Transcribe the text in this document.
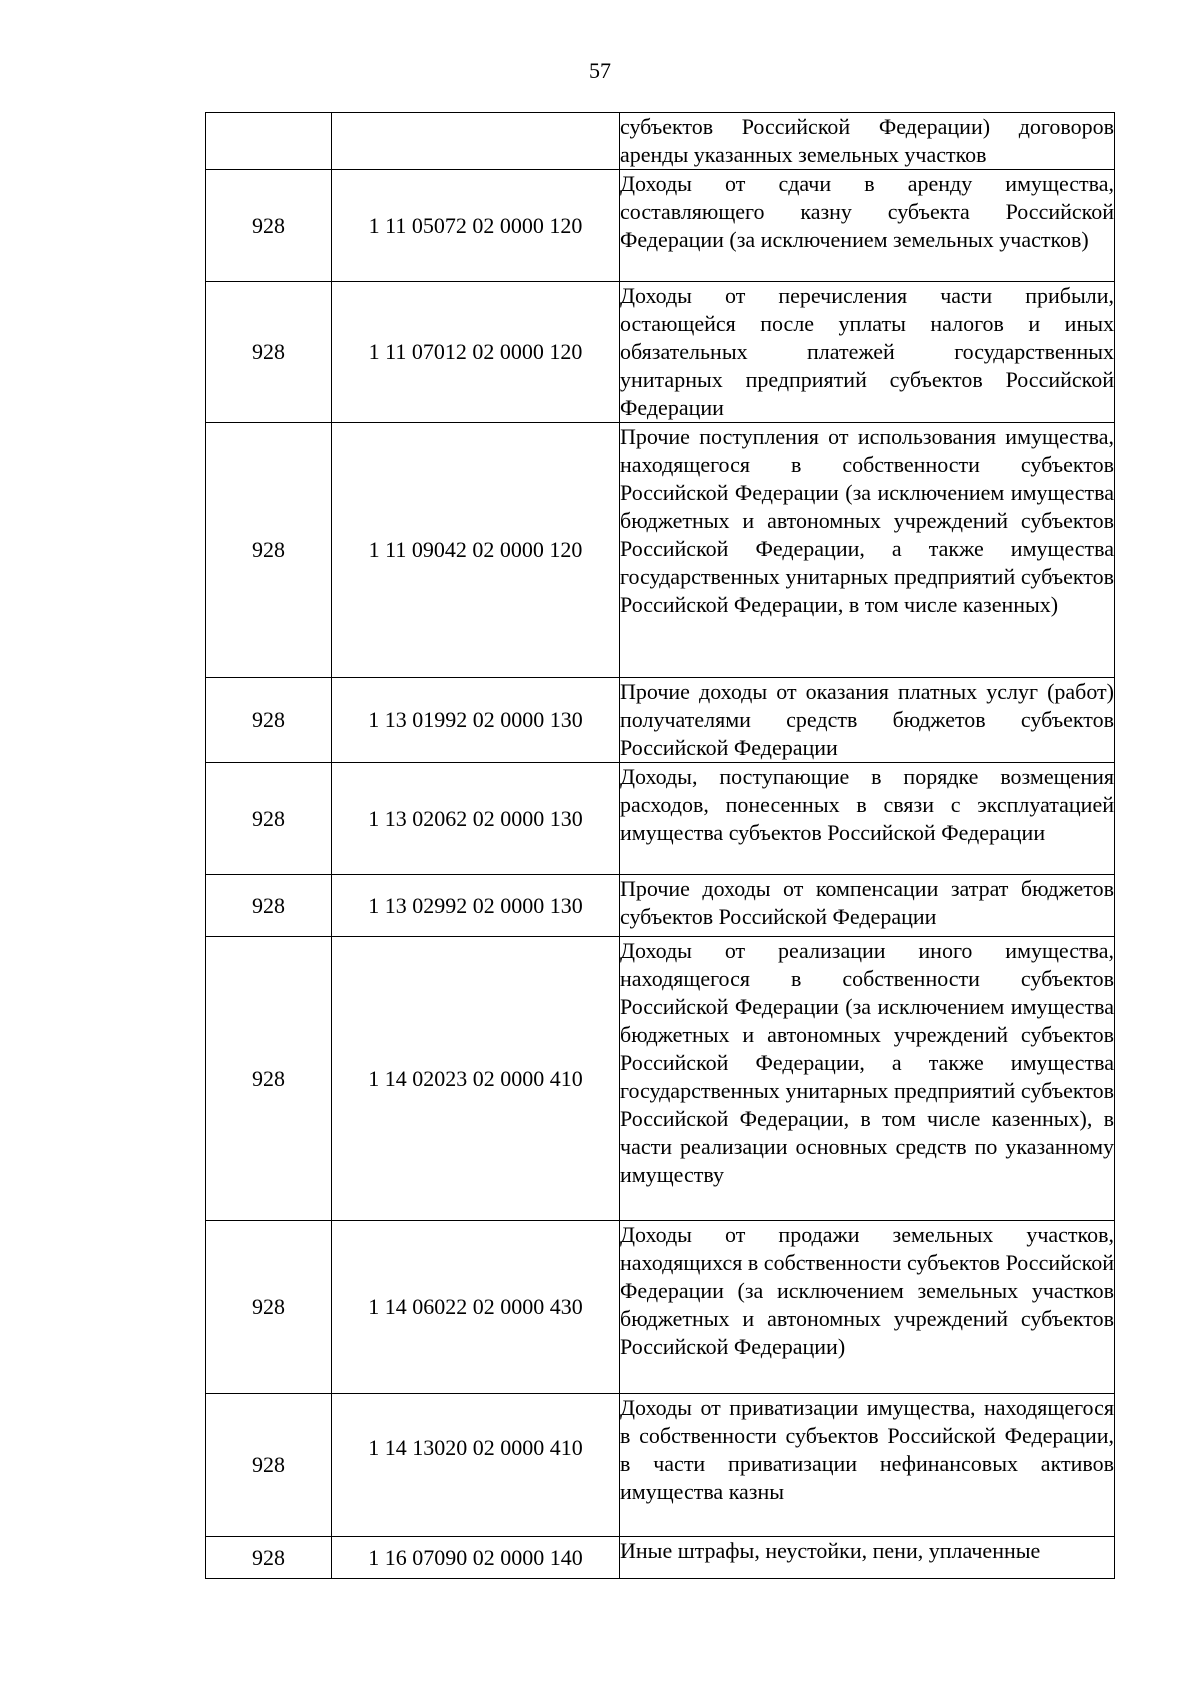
57

		субъектов Российской Федерации) договоров аренды указанных земельных участков

928	1 11 05072 02 0000 120	Доходы от сдачи в аренду имущества, составляющего казну субъекта Российской Федерации (за исключением земельных участков)

928	1 11 07012 02 0000 120	Доходы от перечисления части прибыли, остающейся после уплаты налогов и иных обязательных платежей государственных унитарных предприятий субъектов Российской Федерации

928	1 11 09042 02 0000 120	Прочие поступления от использования имущества, находящегося в собственности субъектов Российской Федерации (за исключением имущества бюджетных и автономных учреждений субъектов Российской Федерации, а также имущества государственных унитарных предприятий субъектов Российской Федерации, в том числе казенных)

928	1 13 01992 02 0000 130	Прочие доходы от оказания платных услуг (работ) получателями средств бюджетов субъектов Российской Федерации

928	1 13 02062 02 0000 130	Доходы, поступающие в порядке возмещения расходов, понесенных в связи с эксплуатацией имущества субъектов Российской Федерации

928	1 13 02992 02 0000 130	Прочие доходы от компенсации затрат бюджетов субъектов Российской Федерации

928	1 14 02023 02 0000 410	Доходы от реализации иного имущества, находящегося в собственности субъектов Российской Федерации (за исключением имущества бюджетных и автономных учреждений субъектов Российской Федерации, а также имущества государственных унитарных предприятий субъектов Российской Федерации, в том числе казенных), в части реализации основных средств по указанному имуществу

928	1 14 06022 02 0000 430	Доходы от продажи земельных участков, находящихся в собственности субъектов Российской Федерации (за исключением земельных участков бюджетных и автономных учреждений субъектов Российской Федерации)

928	1 14 13020 02 0000 410	Доходы от приватизации имущества, находящегося в собственности субъектов Российской Федерации, в части приватизации нефинансовых активов имущества казны

928	1 16 07090 02 0000 140	Иные штрафы, неустойки, пени, уплаченные
